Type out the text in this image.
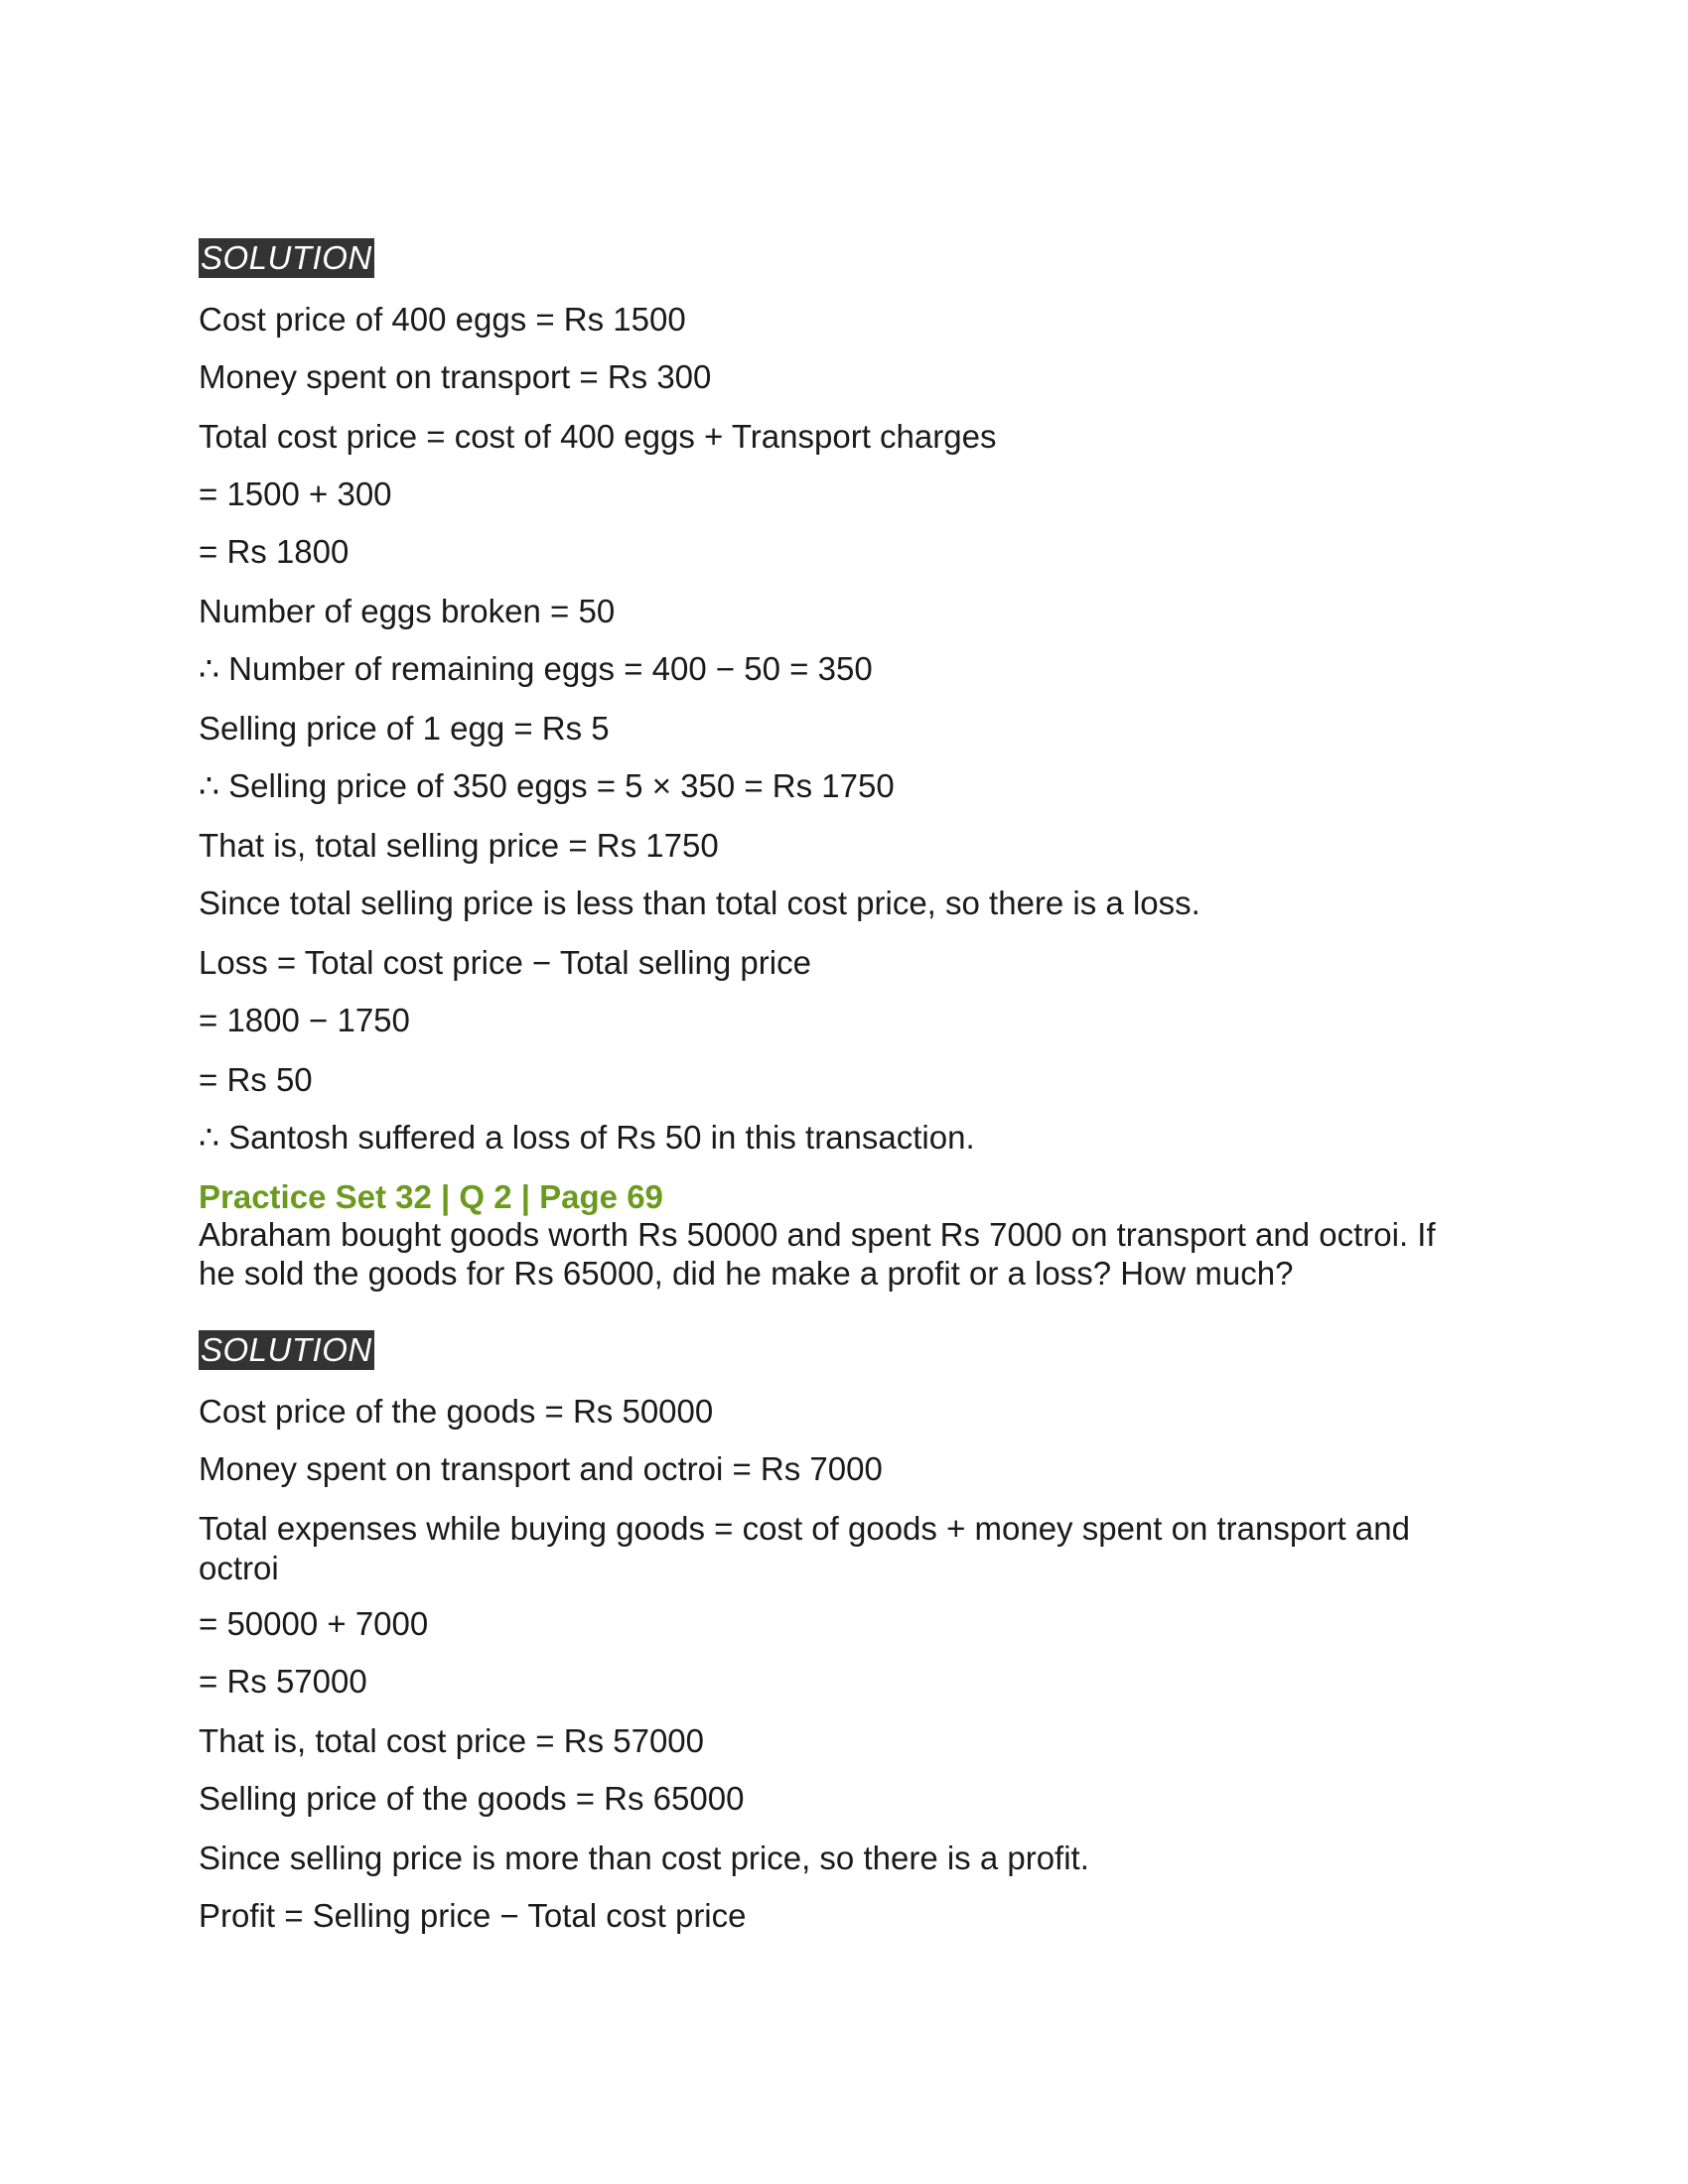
SOLUTION

Cost price of 400 eggs = Rs 1500

Money spent on transport = Rs 300

Total cost price = cost of 400 eggs + Transport charges

= 1500 + 300

= Rs 1800

Number of eggs broken = 50

∴ Number of remaining eggs = 400 − 50 = 350

Selling price of 1 egg = Rs 5

∴ Selling price of 350 eggs = 5 × 350 = Rs 1750

That is, total selling price = Rs 1750

Since total selling price is less than total cost price, so there is a loss.

Loss = Total cost price − Total selling price

= 1800 − 1750

= Rs 50

∴ Santosh suffered a loss of Rs 50 in this transaction.

Practice Set 32 | Q 2 | Page 69

Abraham bought goods worth Rs 50000 and spent Rs 7000 on transport and octroi. If he sold the goods for Rs 65000, did he make a profit or a loss? How much?

SOLUTION

Cost price of the goods = Rs 50000

Money spent on transport and octroi = Rs 7000

Total expenses while buying goods = cost of goods + money spent on transport and octroi

= 50000 + 7000

= Rs 57000

That is, total cost price = Rs 57000

Selling price of the goods = Rs 65000

Since selling price is more than cost price, so there is a profit.

Profit = Selling price − Total cost price
